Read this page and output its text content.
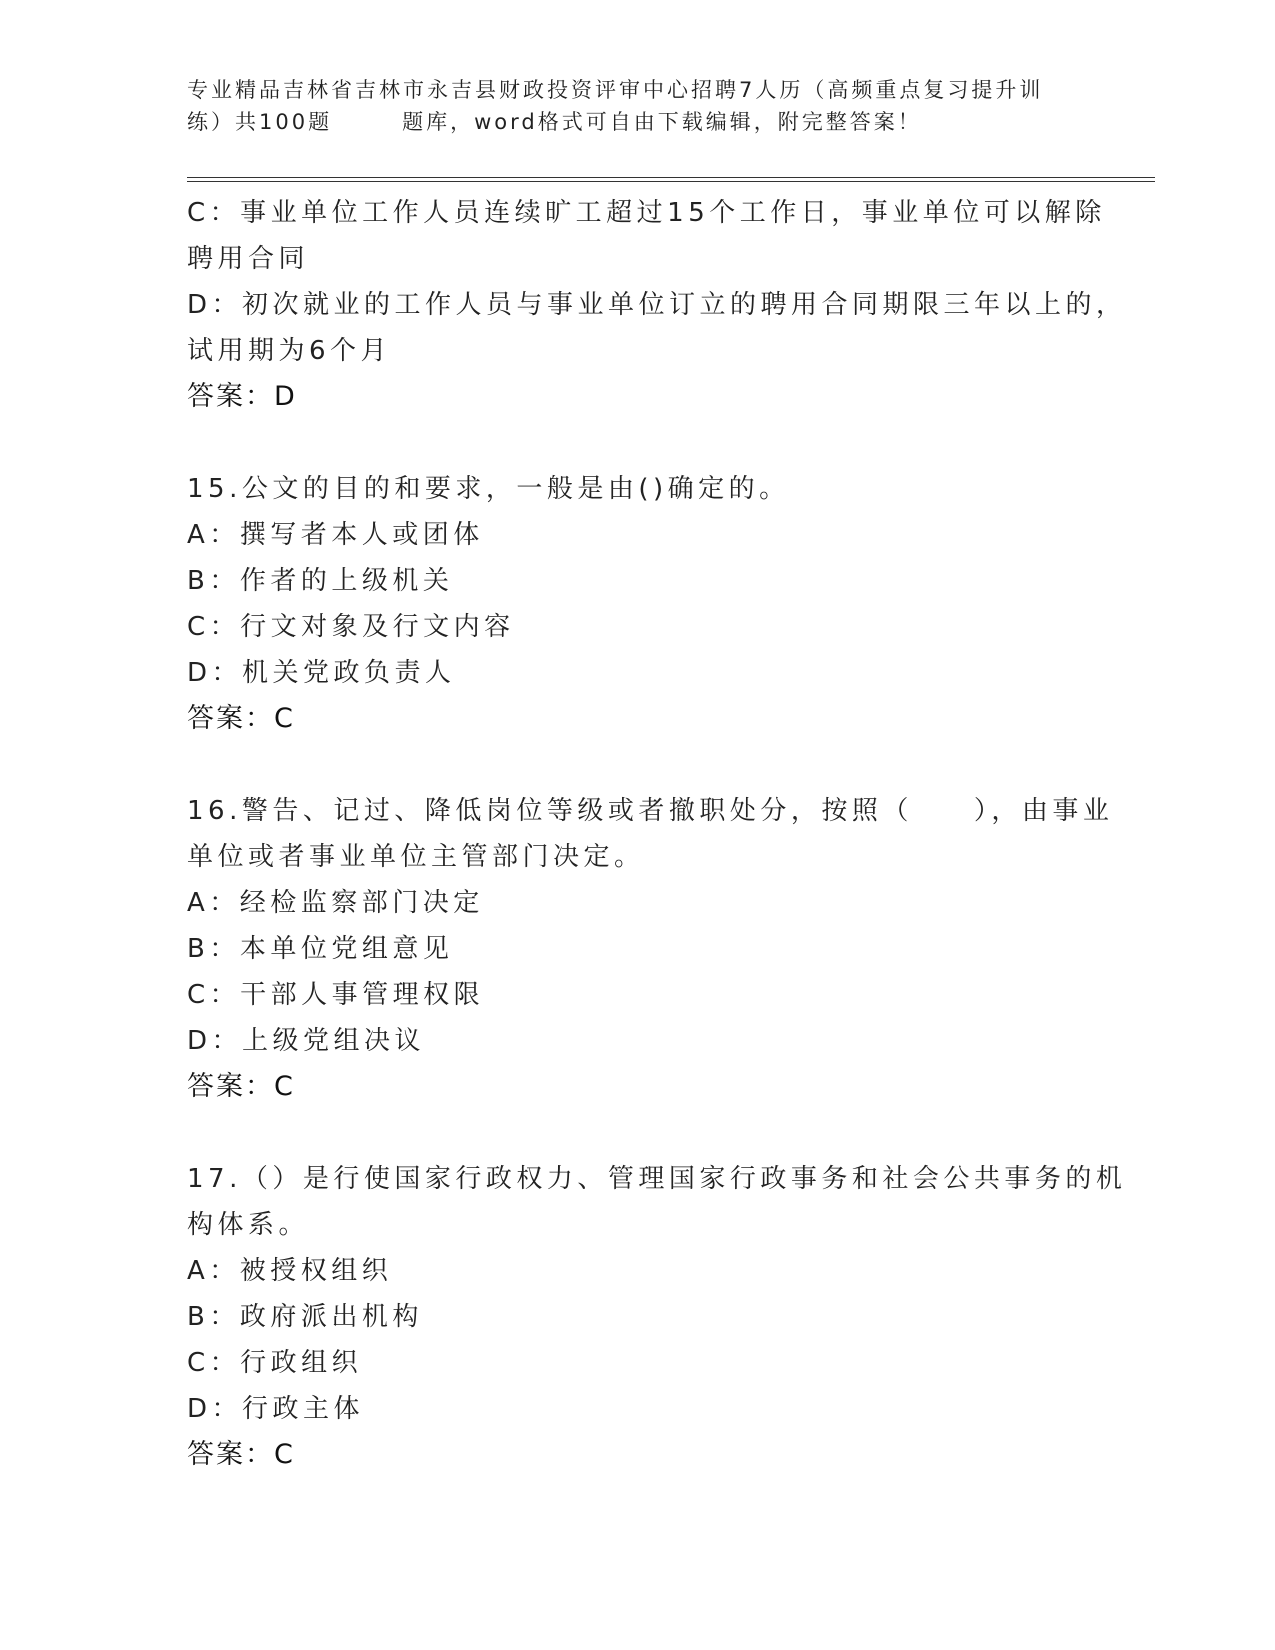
专业精品吉林省吉林市永吉县财政投资评审中心招聘7人历（高频重点复习提升训
练）共100题	题库，word格式可自由下载编辑，附完整答案！
C：事业单位工作人员连续旷工超过15个工作日，事业单位可以解除
聘用合同
D：初次就业的工作人员与事业单位订立的聘用合同期限三年以上的，
试用期为6个月
答案：D
15.公文的目的和要求，一般是由()确定的。
A：撰写者本人或团体
B：作者的上级机关
C：行文对象及行文内容
D：机关党政负责人
答案：C
16.警告、记过、降低岗位等级或者撤职处分，按照（　　），由事业
单位或者事业单位主管部门决定。
A：经检监察部门决定
B：本单位党组意见
C：干部人事管理权限
D：上级党组决议
答案：C
17.（）是行使国家行政权力、管理国家行政事务和社会公共事务的机
构体系。
A：被授权组织
B：政府派出机构
C：行政组织
D：行政主体
答案：C
